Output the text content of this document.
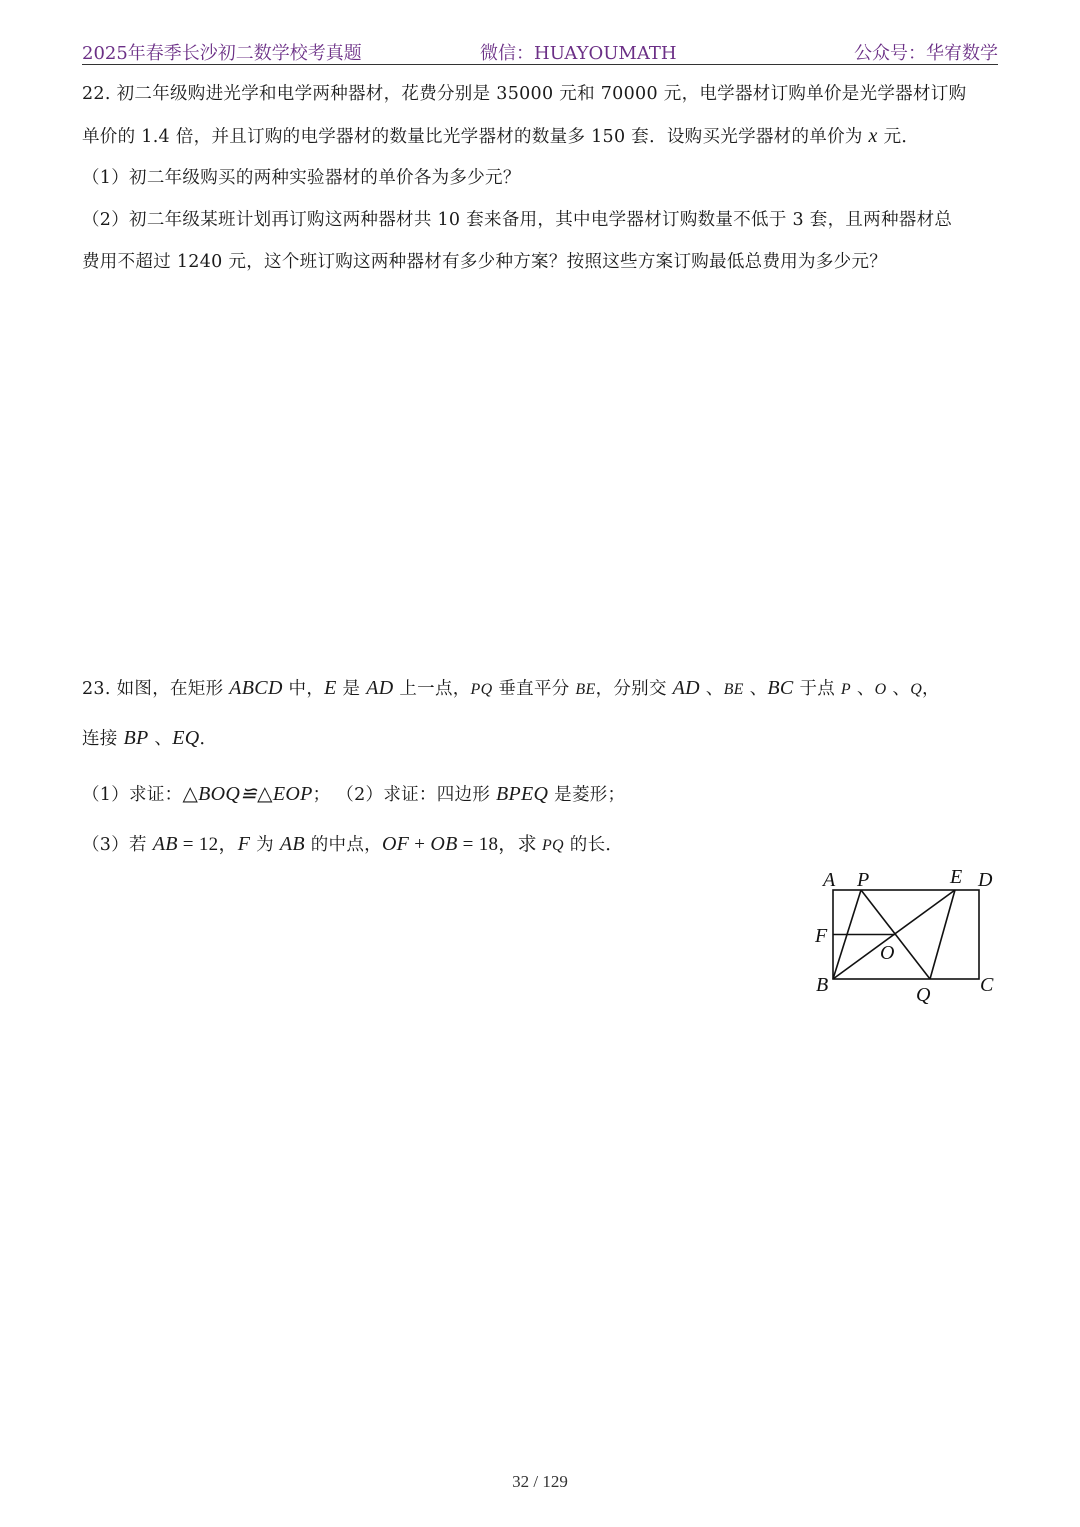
2025年春季长沙初二数学校考真题	微信：HUAYOUMATH	公众号：华宥数学
22. 初二年级购进光学和电学两种器材，花费分别是 35000 元和 70000 元，电学器材订购单价是光学器材订购
单价的 1.4 倍，并且订购的电学器材的数量比光学器材的数量多 150 套．设购买光学器材的单价为 x 元．
（1）初二年级购买的两种实验器材的单价各为多少元？
（2）初二年级某班计划再订购这两种器材共 10 套来备用，其中电学器材订购数量不低于 3 套，且两种器材总
费用不超过 1240 元，这个班订购这两种器材有多少种方案？按照这些方案订购最低总费用为多少元？
23. 如图，在矩形 ABCD 中，E 是 AD 上一点，PQ 垂直平分 BE，分别交 AD 、BE 、BC 于点 P 、O 、Q，
连接 BP 、EQ．
（1）求证：△BOQ≌△EOP； （2）求证：四边形 BPEQ 是菱形；
（3）若 AB = 12，F 为 AB 的中点，OF + OB = 18，求 PQ 的长．
A P	E D
F
O
B	Q C
32 / 129
